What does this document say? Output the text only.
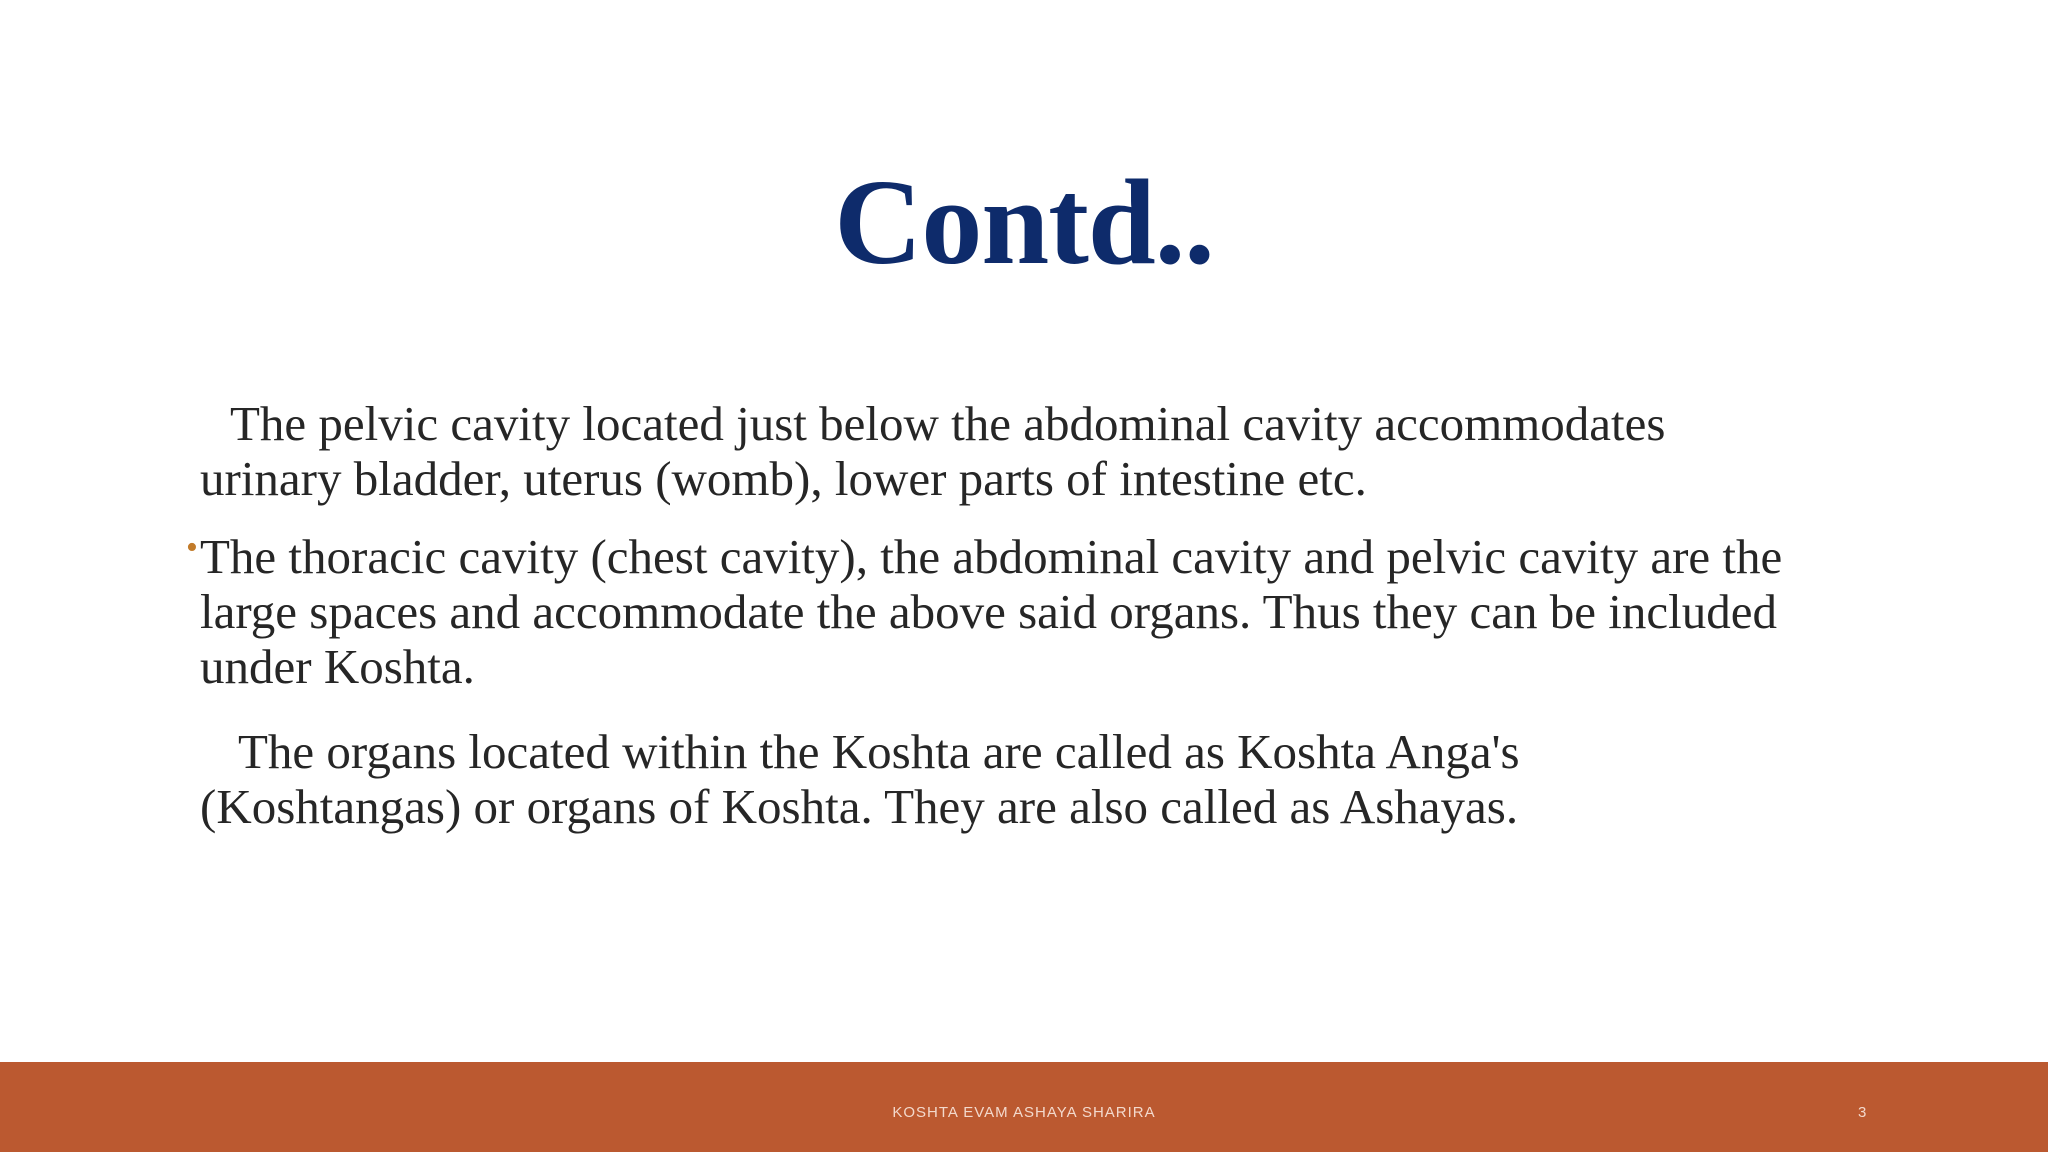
Contd..

The pelvic cavity located just below the abdominal cavity accommodates urinary bladder, uterus (womb), lower parts of intestine etc.

• The thoracic cavity (chest cavity), the abdominal cavity and pelvic cavity are the large spaces and accommodate the above said organs. Thus they can be included under Koshta.

The organs located within the Koshta are called as Koshta Anga's (Koshtangas) or organs of Koshta. They are also called as Ashayas.

KOSHTA EVAM ASHAYA SHARIRA	3
